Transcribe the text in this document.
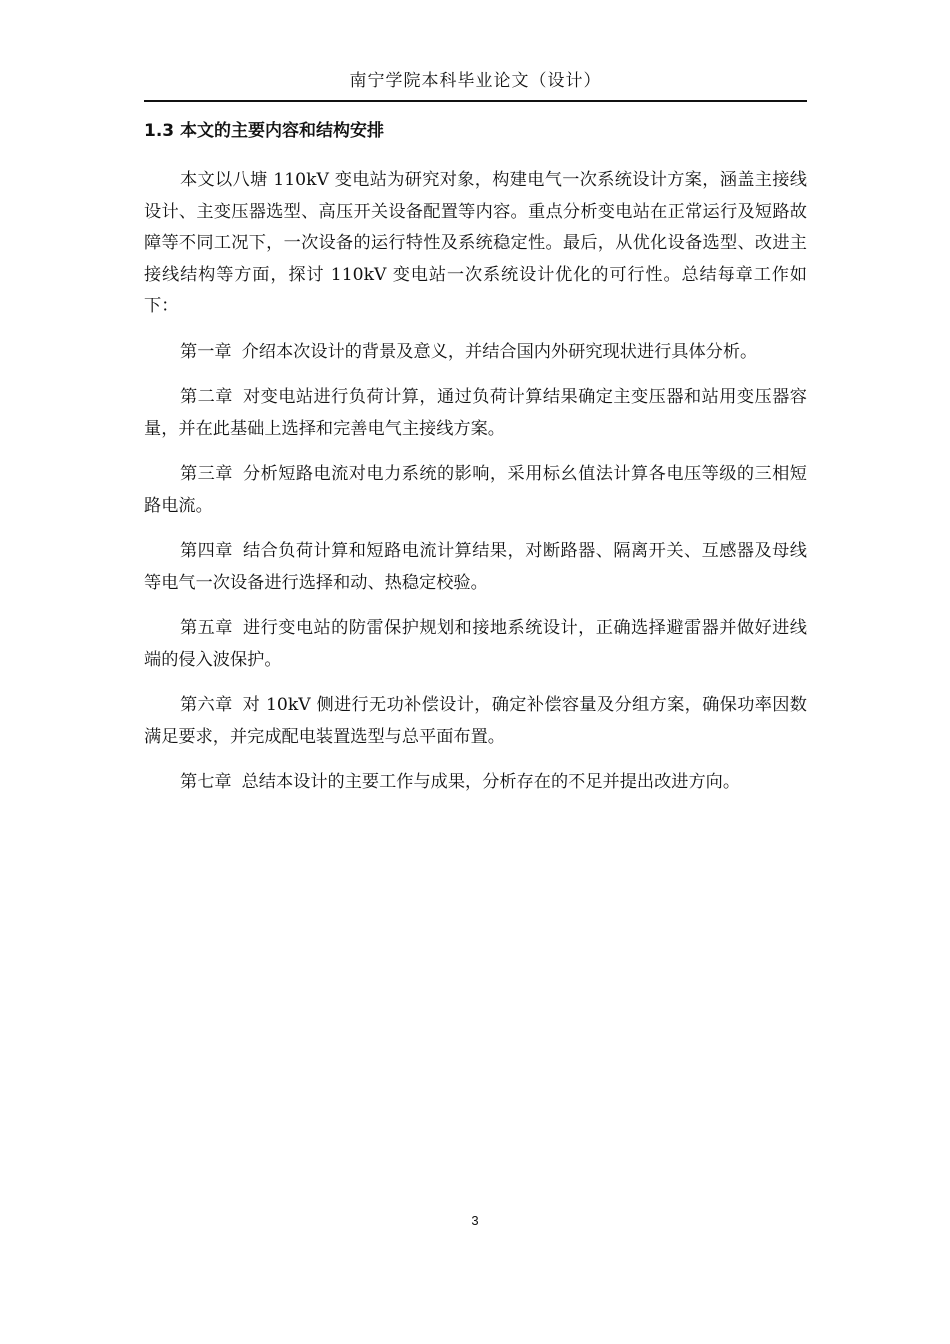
南宁学院本科毕业论文（设计）
1.3 本文的主要内容和结构安排

本文以八塘 110kV 变电站为研究对象，构建电气一次系统设计方案，涵盖主接线设计、主变压器选型、高压开关设备配置等内容。重点分析变电站在正常运行及短路故障等不同工况下，一次设备的运行特性及系统稳定性。最后，从优化设备选型、改进主接线结构等方面，探讨 110kV 变电站一次系统设计优化的可行性。总结每章工作如下：

第一章 介绍本次设计的背景及意义，并结合国内外研究现状进行具体分析。

第二章 对变电站进行负荷计算，通过负荷计算结果确定主变压器和站用变压器容量，并在此基础上选择和完善电气主接线方案。

第三章 分析短路电流对电力系统的影响，采用标幺值法计算各电压等级的三相短路电流。

第四章 结合负荷计算和短路电流计算结果，对断路器、隔离开关、互感器及母线等电气一次设备进行选择和动、热稳定校验。

第五章 进行变电站的防雷保护规划和接地系统设计，正确选择避雷器并做好进线端的侵入波保护。

第六章 对 10kV 侧进行无功补偿设计，确定补偿容量及分组方案，确保功率因数满足要求，并完成配电装置选型与总平面布置。

第七章 总结本设计的主要工作与成果，分析存在的不足并提出改进方向。

3
